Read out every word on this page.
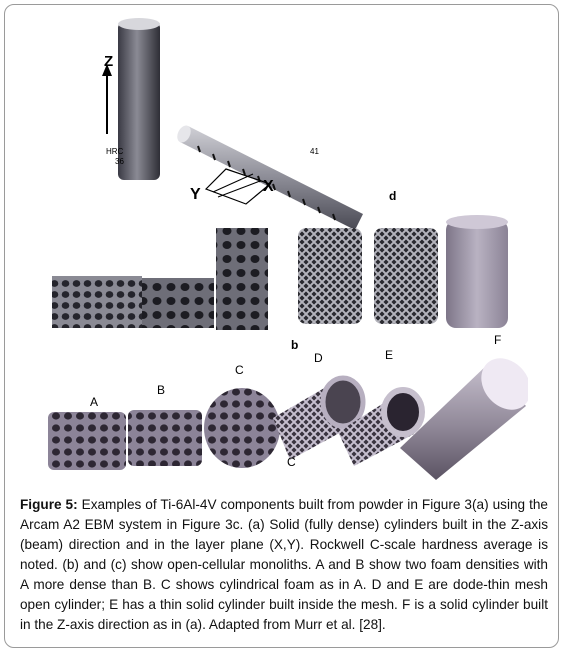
Z
HRC
36
41
Y	X
d
b
A
B
C
D	E
F
C
Figure 5: Examples of Ti-6Al-4V components built from powder in Figure 3(a) using the Arcam A2 EBM system in Figure 3c. (a) Solid (fully dense) cylinders built in the Z-axis (beam) direction and in the layer plane (X,Y). Rockwell C-scale hardness average is noted. (b) and (c) show open-cellular monoliths. A and B show two foam densities with A more dense than B. C shows cylindrical foam as in A. D and E are dode-thin mesh open cylinder; E has a thin solid cylinder built inside the mesh. F is a solid cylinder built in the Z-axis direction as in (a). Adapted from Murr et al. [28].
